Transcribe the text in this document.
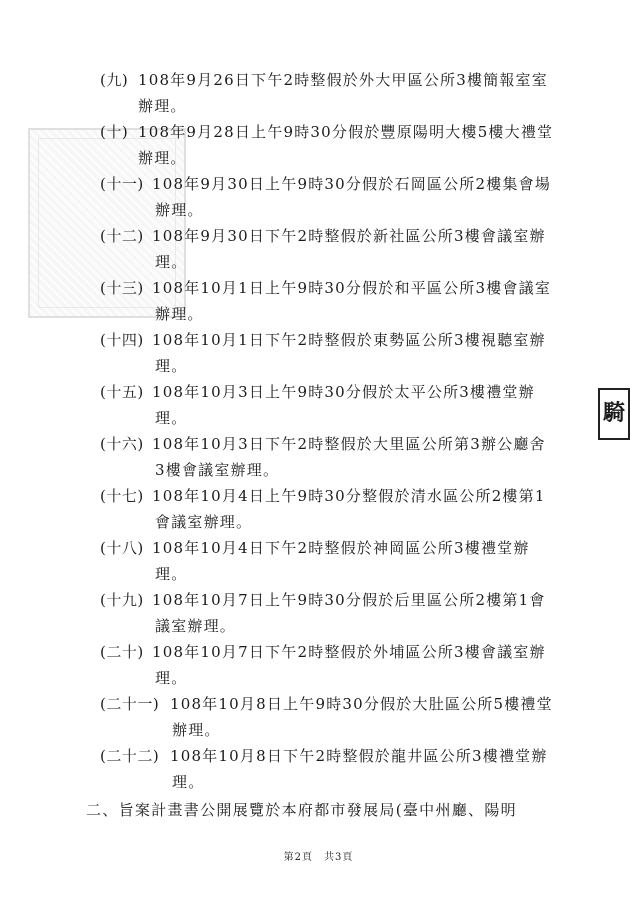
(九) 108年9月26日下午2時整假於外大甲區公所3樓簡報室室
辦理。
(十) 108年9月28日上午9時30分假於豐原陽明大樓5樓大禮堂
辦理。
(十一) 108年9月30日上午9時30分假於石岡區公所2樓集會場
辦理。
(十二) 108年9月30日下午2時整假於新社區公所3樓會議室辦
理。
(十三) 108年10月1日上午9時30分假於和平區公所3樓會議室
辦理。
(十四) 108年10月1日下午2時整假於東勢區公所3樓視聽室辦
理。
(十五) 108年10月3日上午9時30分假於太平公所3樓禮堂辦
理。
(十六) 108年10月3日下午2時整假於大里區公所第3辦公廳舍
3樓會議室辦理。
(十七) 108年10月4日上午9時30分整假於清水區公所2樓第1
會議室辦理。
(十八) 108年10月4日下午2時整假於神岡區公所3樓禮堂辦
理。
(十九) 108年10月7日上午9時30分假於后里區公所2樓第1會
議室辦理。
(二十) 108年10月7日下午2時整假於外埔區公所3樓會議室辦
理。
(二十一) 108年10月8日上午9時30分假於大肚區公所5樓禮堂
辦理。
(二十二) 108年10月8日下午2時整假於龍井區公所3樓禮堂辦
理。
二、旨案計畫書公開展覽於本府都市發展局(臺中州廳、陽明
第2頁　共3頁
騎
